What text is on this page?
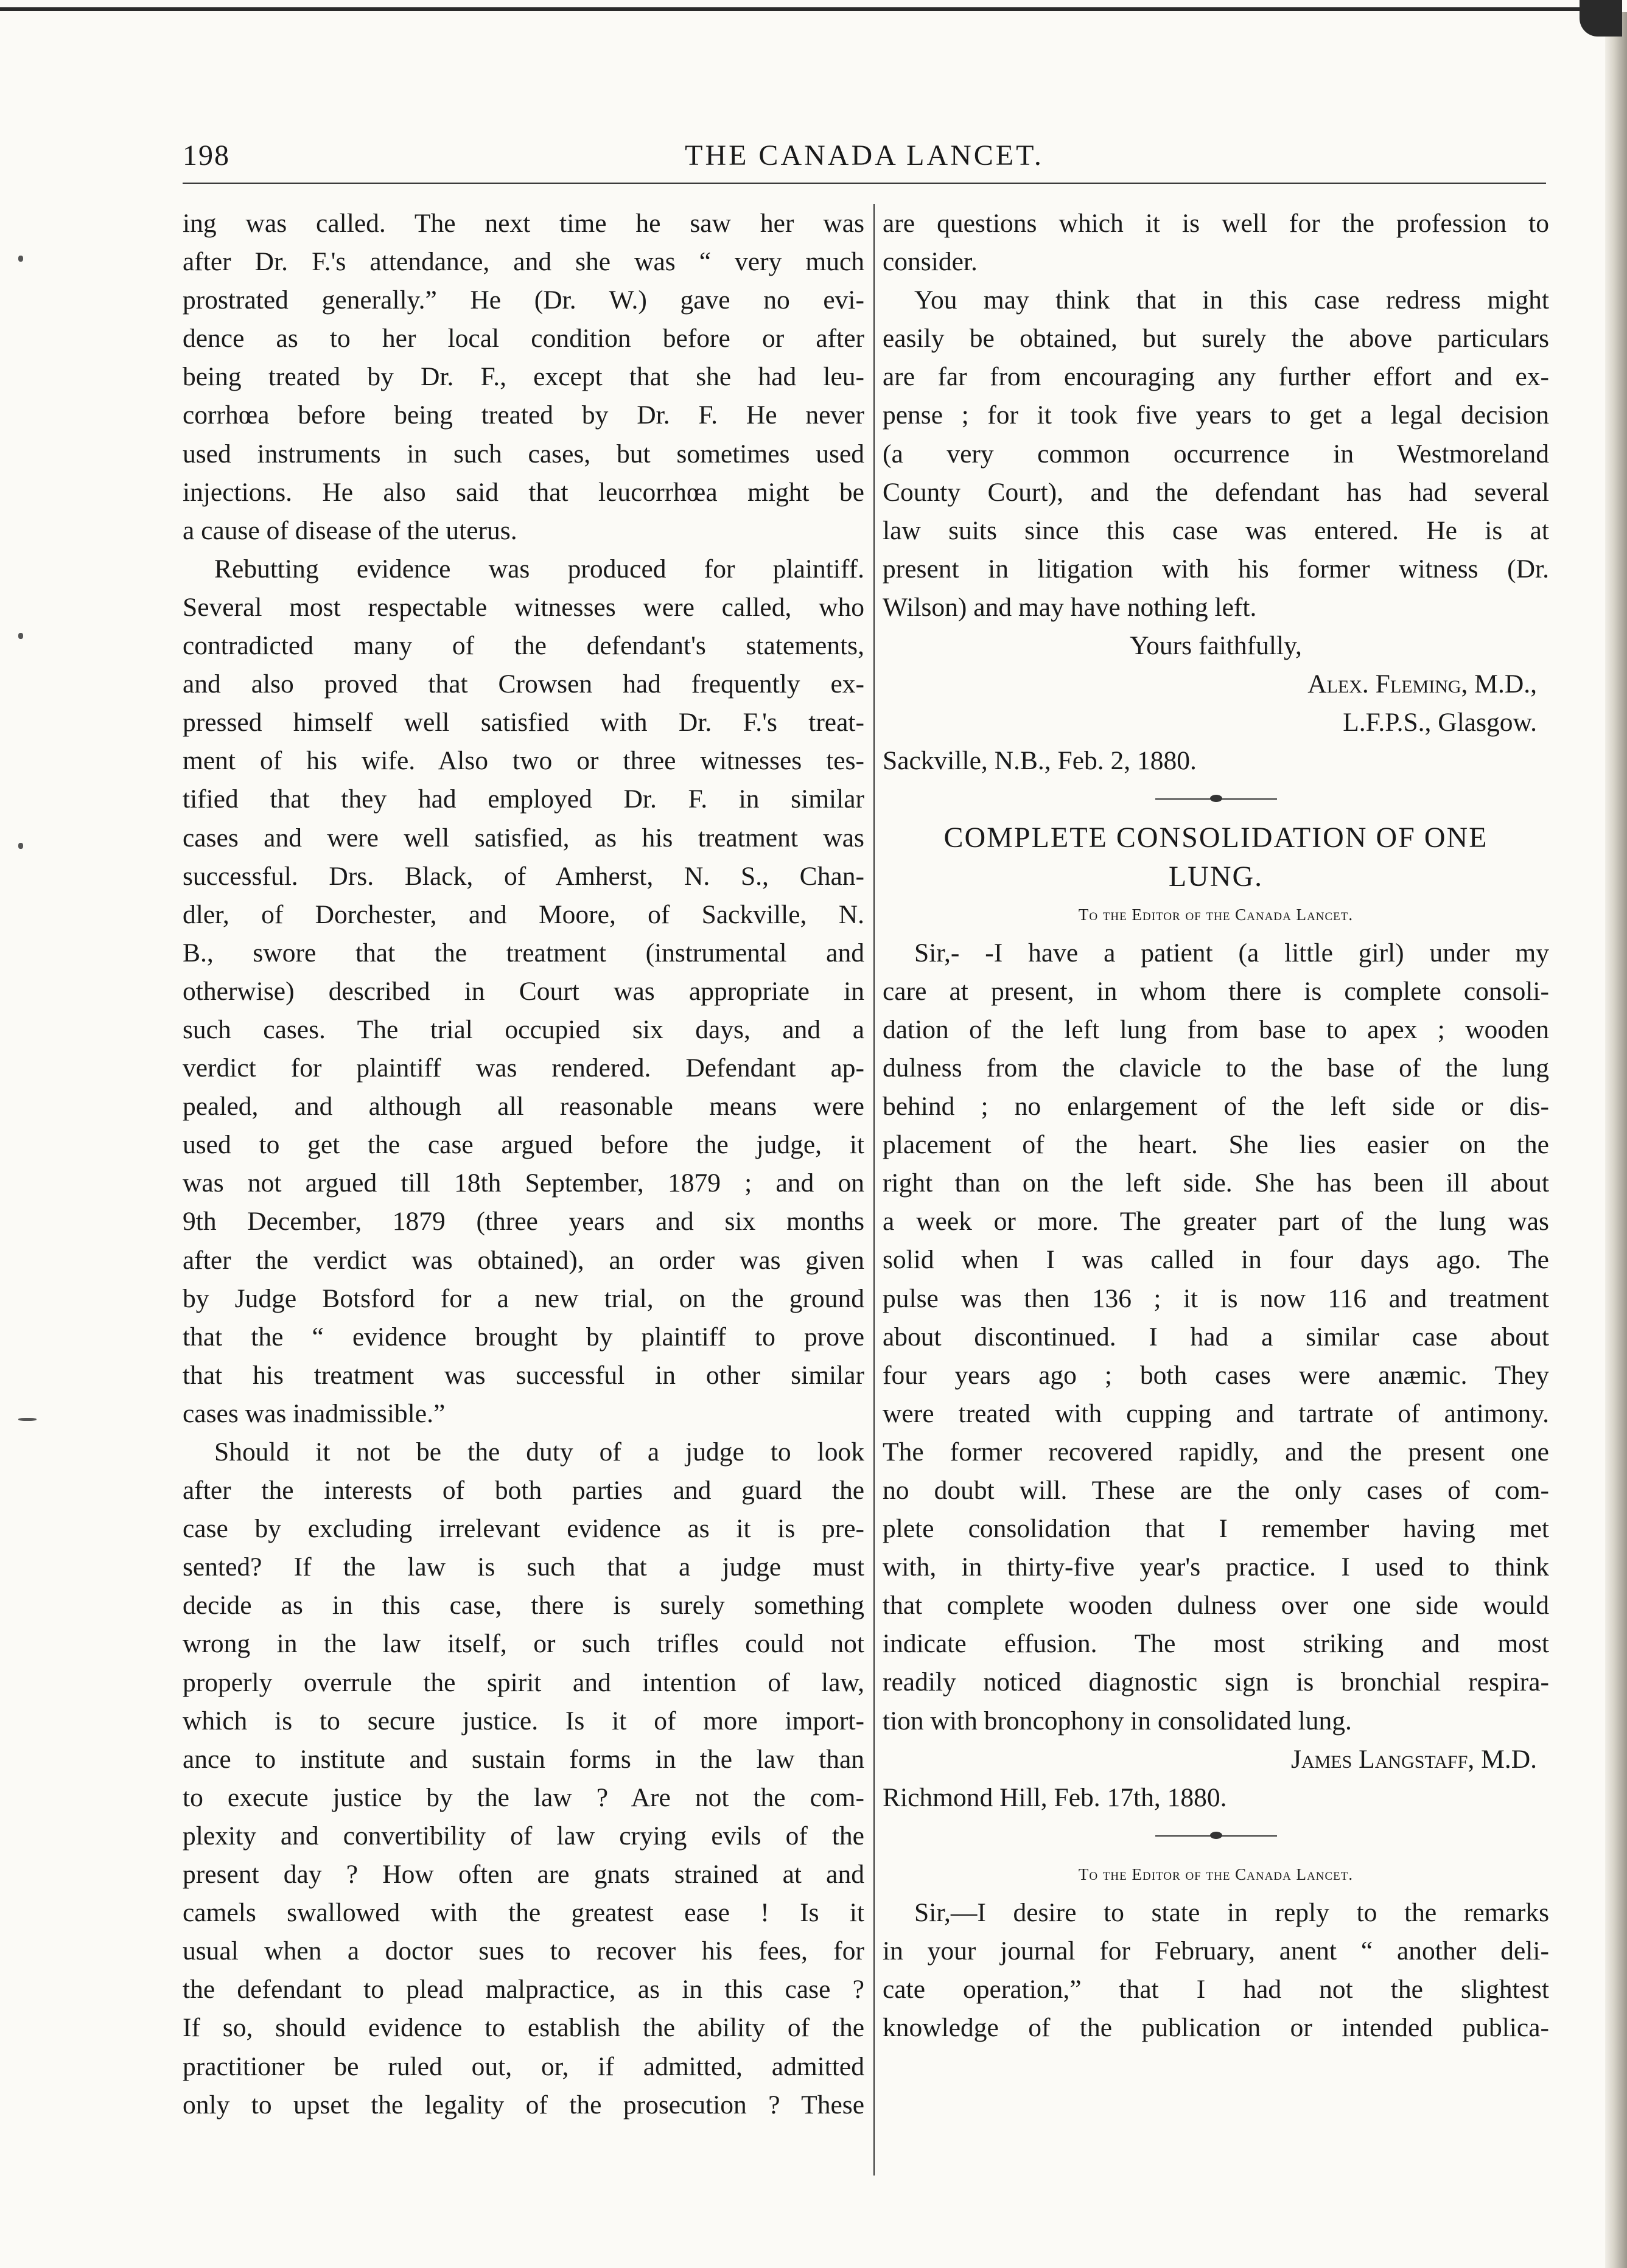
198	THE CANADA LANCET.
ing was called. The next time he saw her was
after Dr. F.'s attendance, and she was “ very much
prostrated generally.” He (Dr. W.) gave no evi-
dence as to her local condition before or after
being treated by Dr. F., except that she had leu-
corrhœa before being treated by Dr. F. He never
used instruments in such cases, but sometimes used
injections. He also said that leucorrhœa might be
a cause of disease of the uterus.
Rebutting evidence was produced for plaintiff.
Several most respectable witnesses were called, who
contradicted many of the defendant's statements,
and also proved that Crowsen had frequently ex-
pressed himself well satisfied with Dr. F.'s treat-
ment of his wife. Also two or three witnesses tes-
tified that they had employed Dr. F. in similar
cases and were well satisfied, as his treatment was
successful. Drs. Black, of Amherst, N. S., Chan-
dler, of Dorchester, and Moore, of Sackville, N.
B., swore that the treatment (instrumental and
otherwise) described in Court was appropriate in
such cases. The trial occupied six days, and a
verdict for plaintiff was rendered. Defendant ap-
pealed, and although all reasonable means were
used to get the case argued before the judge, it
was not argued till 18th September, 1879 ; and on
9th December, 1879 (three years and six months
after the verdict was obtained), an order was given
by Judge Botsford for a new trial, on the ground
that the “ evidence brought by plaintiff to prove
that his treatment was successful in other similar
cases was inadmissible.”
Should it not be the duty of a judge to look
after the interests of both parties and guard the
case by excluding irrelevant evidence as it is pre-
sented? If the law is such that a judge must
decide as in this case, there is surely something
wrong in the law itself, or such trifles could not
properly overrule the spirit and intention of law,
which is to secure justice. Is it of more import-
ance to institute and sustain forms in the law than
to execute justice by the law ? Are not the com-
plexity and convertibility of law crying evils of the
present day ? How often are gnats strained at and
camels swallowed with the greatest ease ! Is it
usual when a doctor sues to recover his fees, for
the defendant to plead malpractice, as in this case ?
If so, should evidence to establish the ability of the
practitioner be ruled out, or, if admitted, admitted
only to upset the legality of the prosecution ? These
are questions which it is well for the profession to
consider.
You may think that in this case redress might
easily be obtained, but surely the above particulars
are far from encouraging any further effort and ex-
pense ; for it took five years to get a legal decision
(a very common occurrence in Westmoreland
County Court), and the defendant has had several
law suits since this case was entered. He is at
present in litigation with his former witness (Dr.
Wilson) and may have nothing left.
Yours faithfully,
Alex. Fleming, M.D.,
L.F.P.S., Glasgow.
Sackville, N.B., Feb. 2, 1880.
COMPLETE CONSOLIDATION OF ONE
LUNG.
To the Editor of the Canada Lancet.
Sir,- -I have a patient (a little girl) under my
care at present, in whom there is complete consoli-
dation of the left lung from base to apex ; wooden
dulness from the clavicle to the base of the lung
behind ; no enlargement of the left side or dis-
placement of the heart. She lies easier on the
right than on the left side. She has been ill about
a week or more. The greater part of the lung was
solid when I was called in four days ago. The
pulse was then 136 ; it is now 116 and treatment
about discontinued. I had a similar case about
four years ago ; both cases were anæmic. They
were treated with cupping and tartrate of antimony.
The former recovered rapidly, and the present one
no doubt will. These are the only cases of com-
plete consolidation that I remember having met
with, in thirty-five year's practice. I used to think
that complete wooden dulness over one side would
indicate effusion. The most striking and most
readily noticed diagnostic sign is bronchial respira-
tion with broncophony in consolidated lung.
James Langstaff, M.D.
Richmond Hill, Feb. 17th, 1880.
To the Editor of the Canada Lancet.
Sir,—I desire to state in reply to the remarks
in your journal for February, anent “ another deli-
cate operation,” that I had not the slightest
knowledge of the publication or intended publica-
